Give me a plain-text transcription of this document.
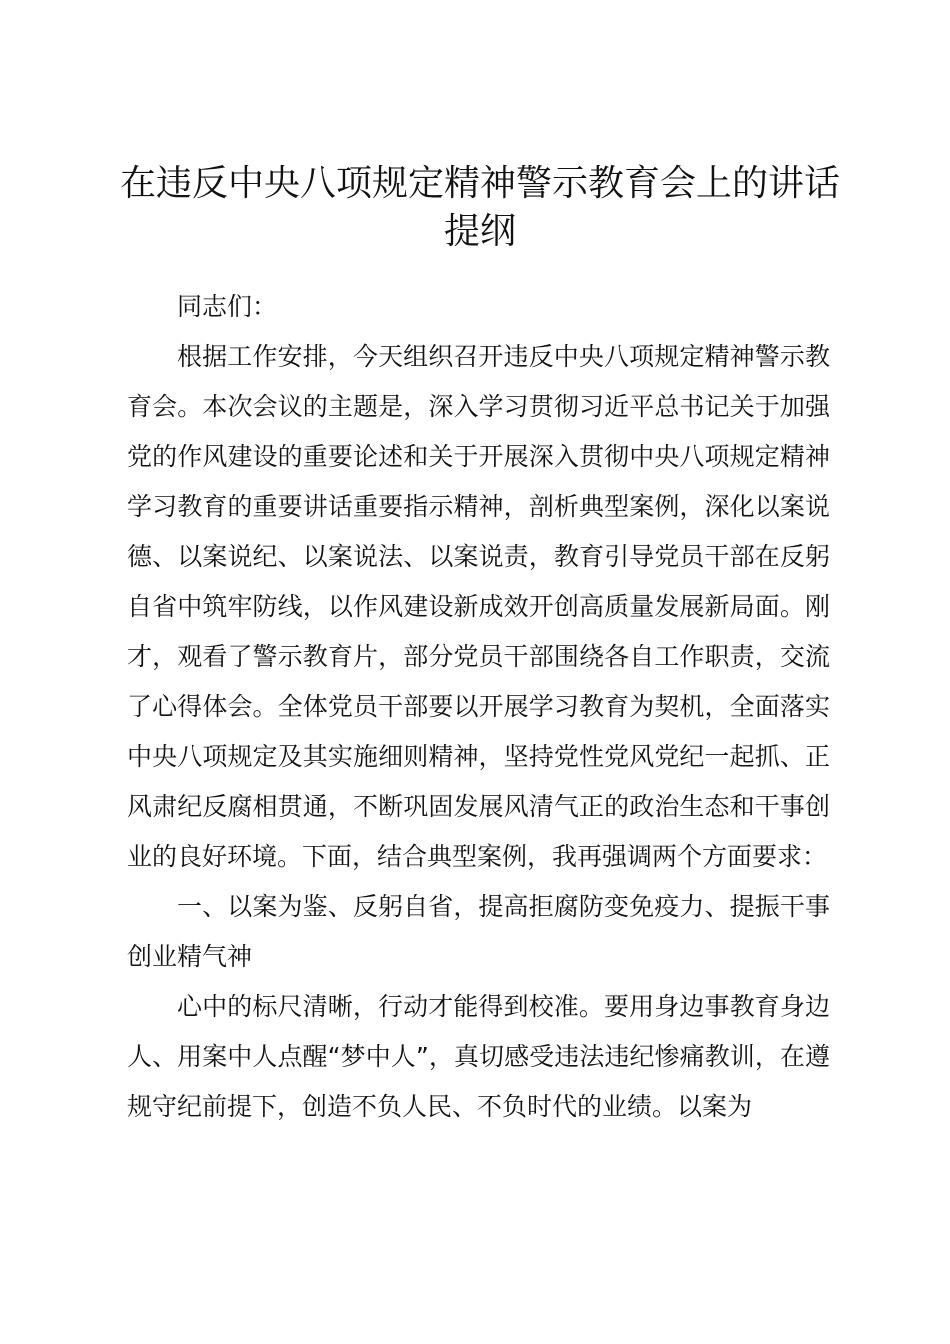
在违反中央八项规定精神警示教育会上的讲话提纲

同志们：

根据工作安排，今天组织召开违反中央八项规定精神警示教育会。本次会议的主题是，深入学习贯彻习近平总书记关于加强党的作风建设的重要论述和关于开展深入贯彻中央八项规定精神学习教育的重要讲话重要指示精神，剖析典型案例，深化以案说德、以案说纪、以案说法、以案说责，教育引导党员干部在反躬自省中筑牢防线，以作风建设新成效开创高质量发展新局面。刚才，观看了警示教育片，部分党员干部围绕各自工作职责，交流了心得体会。全体党员干部要以开展学习教育为契机，全面落实中央八项规定及其实施细则精神，坚持党性党风党纪一起抓、正风肃纪反腐相贯通，不断巩固发展风清气正的政治生态和干事创业的良好环境。下面，结合典型案例，我再强调两个方面要求：

一、以案为鉴、反躬自省，提高拒腐防变免疫力、提振干事创业精气神

心中的标尺清晰，行动才能得到校准。要用身边事教育身边人、用案中人点醒“梦中人”，真切感受违法违纪惨痛教训，在遵规守纪前提下，创造不负人民、不负时代的业绩。以案为
